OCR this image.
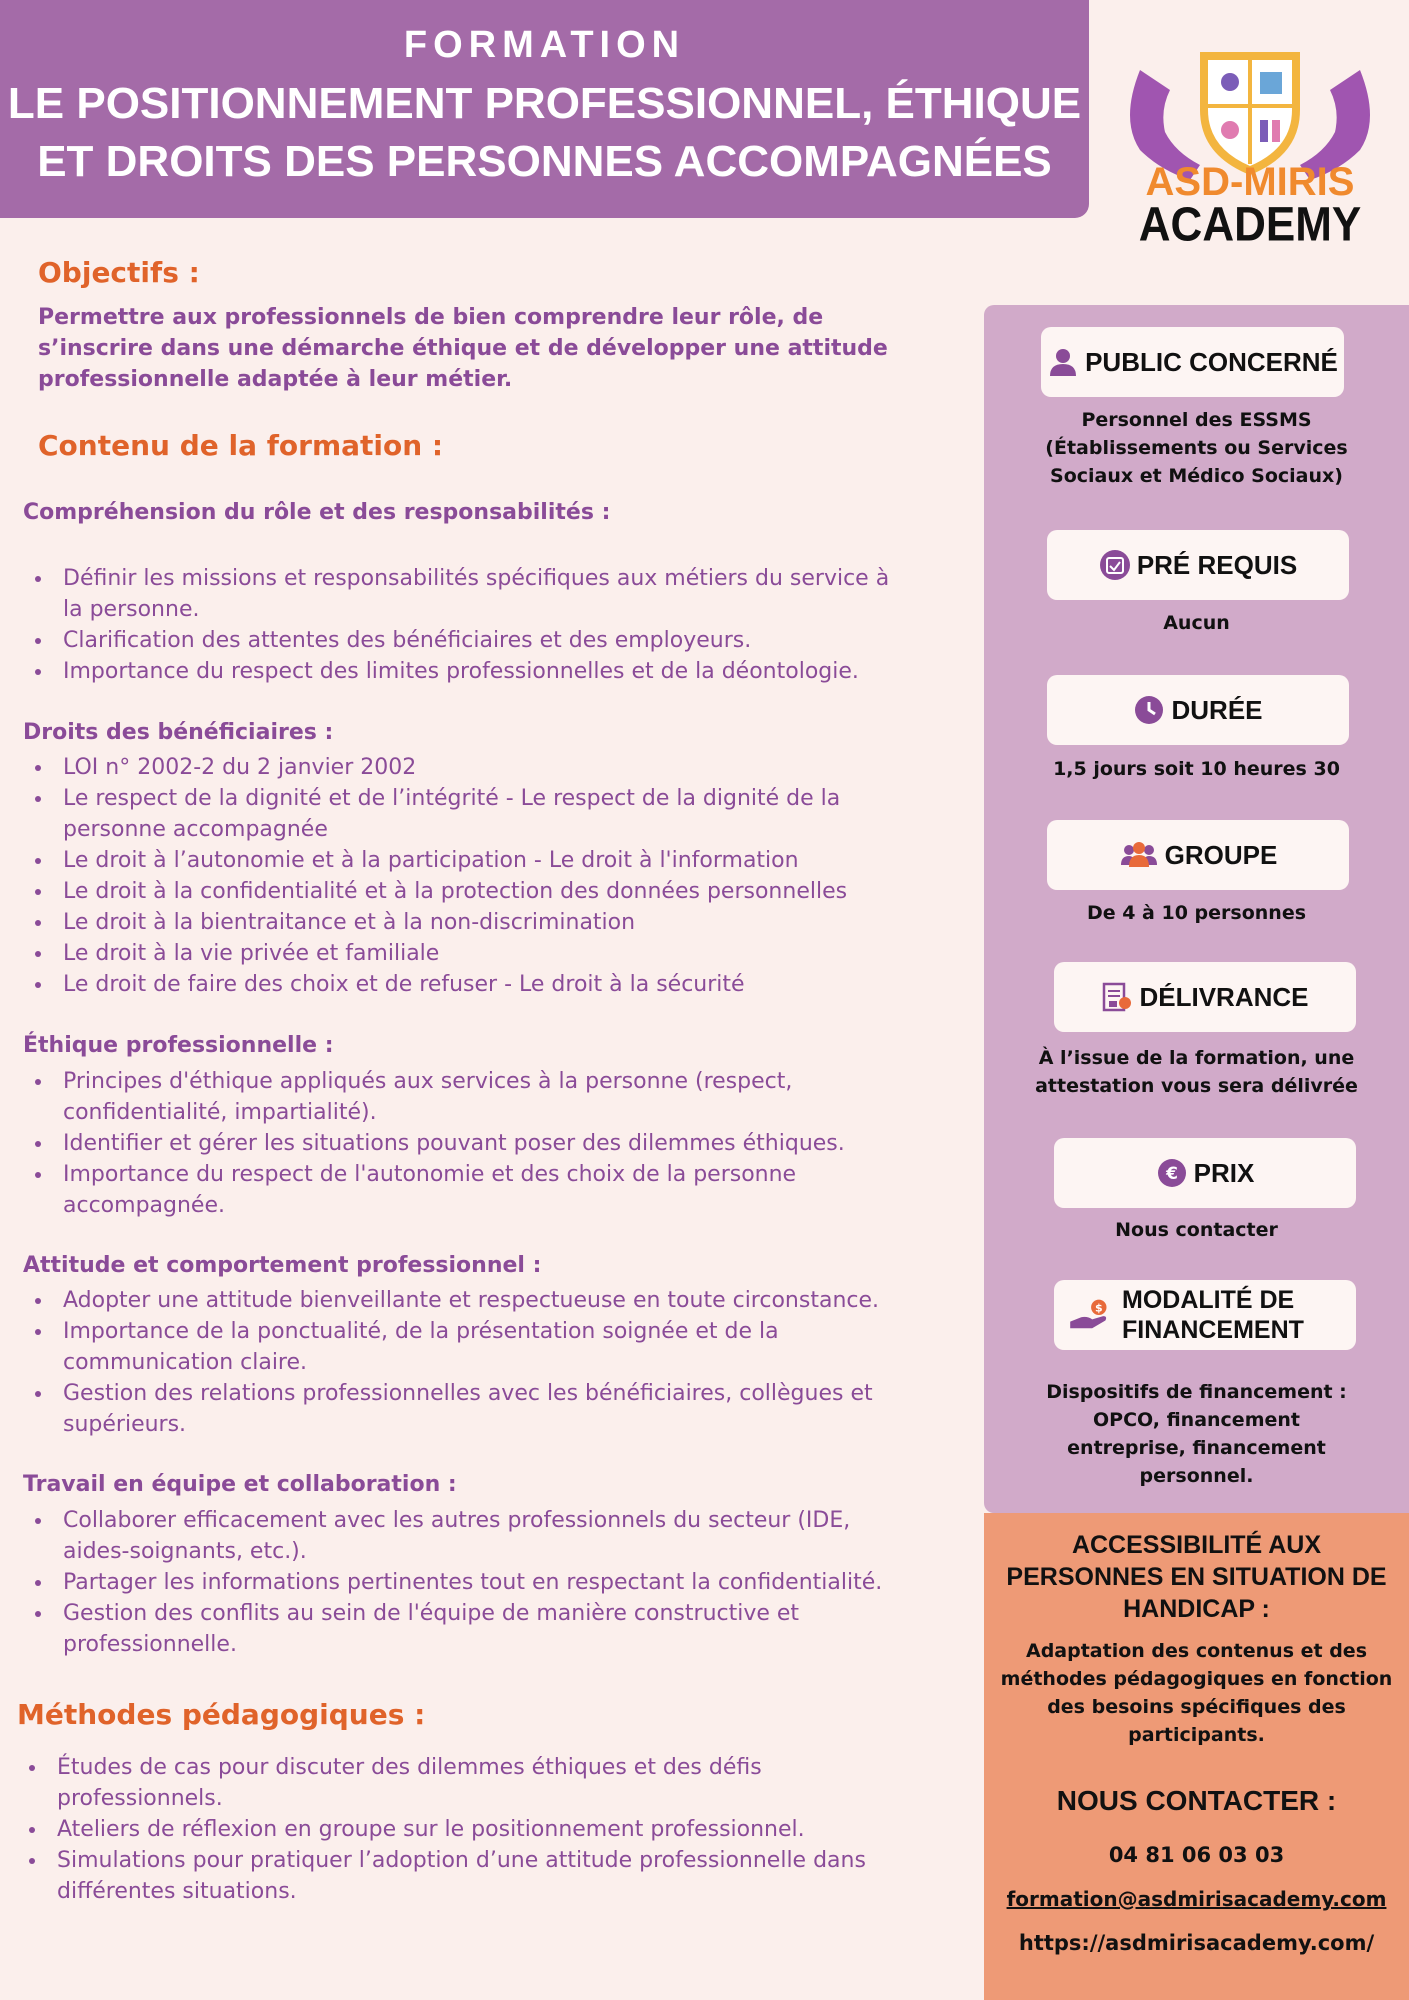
FORMATION
LE POSITIONNEMENT PROFESSIONNEL, ÉTHIQUE
ET DROITS DES PERSONNES ACCOMPAGNÉES	ASD-MIRIS
ACADEMY
Objectifs :
Permettre aux professionnels de bien comprendre leur rôle, de
s’inscrire dans une démarche éthique et de développer une attitude
professionnelle adaptée à leur métier.
Contenu de la formation :
Compréhension du rôle et des responsabilités :
Définir les missions et responsabilités spécifiques aux métiers du service à
la personne.
Clarification des attentes des bénéficiaires et des employeurs.
Importance du respect des limites professionnelles et de la déontologie.
Droits des bénéficiaires :
LOI n° 2002-2 du 2 janvier 2002
Le respect de la dignité et de l’intégrité - Le respect de la dignité de la
personne accompagnée
Le droit à l’autonomie et à la participation - Le droit à l'information
Le droit à la confidentialité et à la protection des données personnelles
Le droit à la bientraitance et à la non-discrimination
Le droit à la vie privée et familiale
Le droit de faire des choix et de refuser - Le droit à la sécurité
Éthique professionnelle :
Principes d'éthique appliqués aux services à la personne (respect,
confidentialité, impartialité).
Identifier et gérer les situations pouvant poser des dilemmes éthiques.
Importance du respect de l'autonomie et des choix de la personne
accompagnée.
Attitude et comportement professionnel :
Adopter une attitude bienveillante et respectueuse en toute circonstance.
Importance de la ponctualité, de la présentation soignée et de la
communication claire.
Gestion des relations professionnelles avec les bénéficiaires, collègues et
supérieurs.
Travail en équipe et collaboration :
Collaborer efficacement avec les autres professionnels du secteur (IDE,
aides-soignants, etc.).
Partager les informations pertinentes tout en respectant la confidentialité.
Gestion des conflits au sein de l'équipe de manière constructive et
professionnelle.
Méthodes pédagogiques :
Études de cas pour discuter des dilemmes éthiques et des défis
professionnels.
Ateliers de réflexion en groupe sur le positionnement professionnel.
Simulations pour pratiquer l’adoption d’une attitude professionnelle dans
différentes situations.
PUBLIC CONCERNÉ
Personnel des ESSMS
(Établissements ou Services
Sociaux et Médico Sociaux)
PRÉ REQUIS
Aucun
DURÉE
1,5 jours soit 10 heures 30
GROUPE
De 4 à 10 personnes
DÉLIVRANCE
À l’issue de la formation, une
attestation vous sera délivrée
€ PRIX
Nous contacter
$ MODALITÉ DE
FINANCEMENT
Dispositifs de financement :
OPCO, financement
entreprise, financement
personnel.
ACCESSIBILITÉ AUX
PERSONNES EN SITUATION DE
HANDICAP :
Adaptation des contenus et des
méthodes pédagogiques en fonction
des besoins spécifiques des
participants.
NOUS CONTACTER :
04 81 06 03 03
formation@asdmirisacademy.com
https://asdmirisacademy.com/
